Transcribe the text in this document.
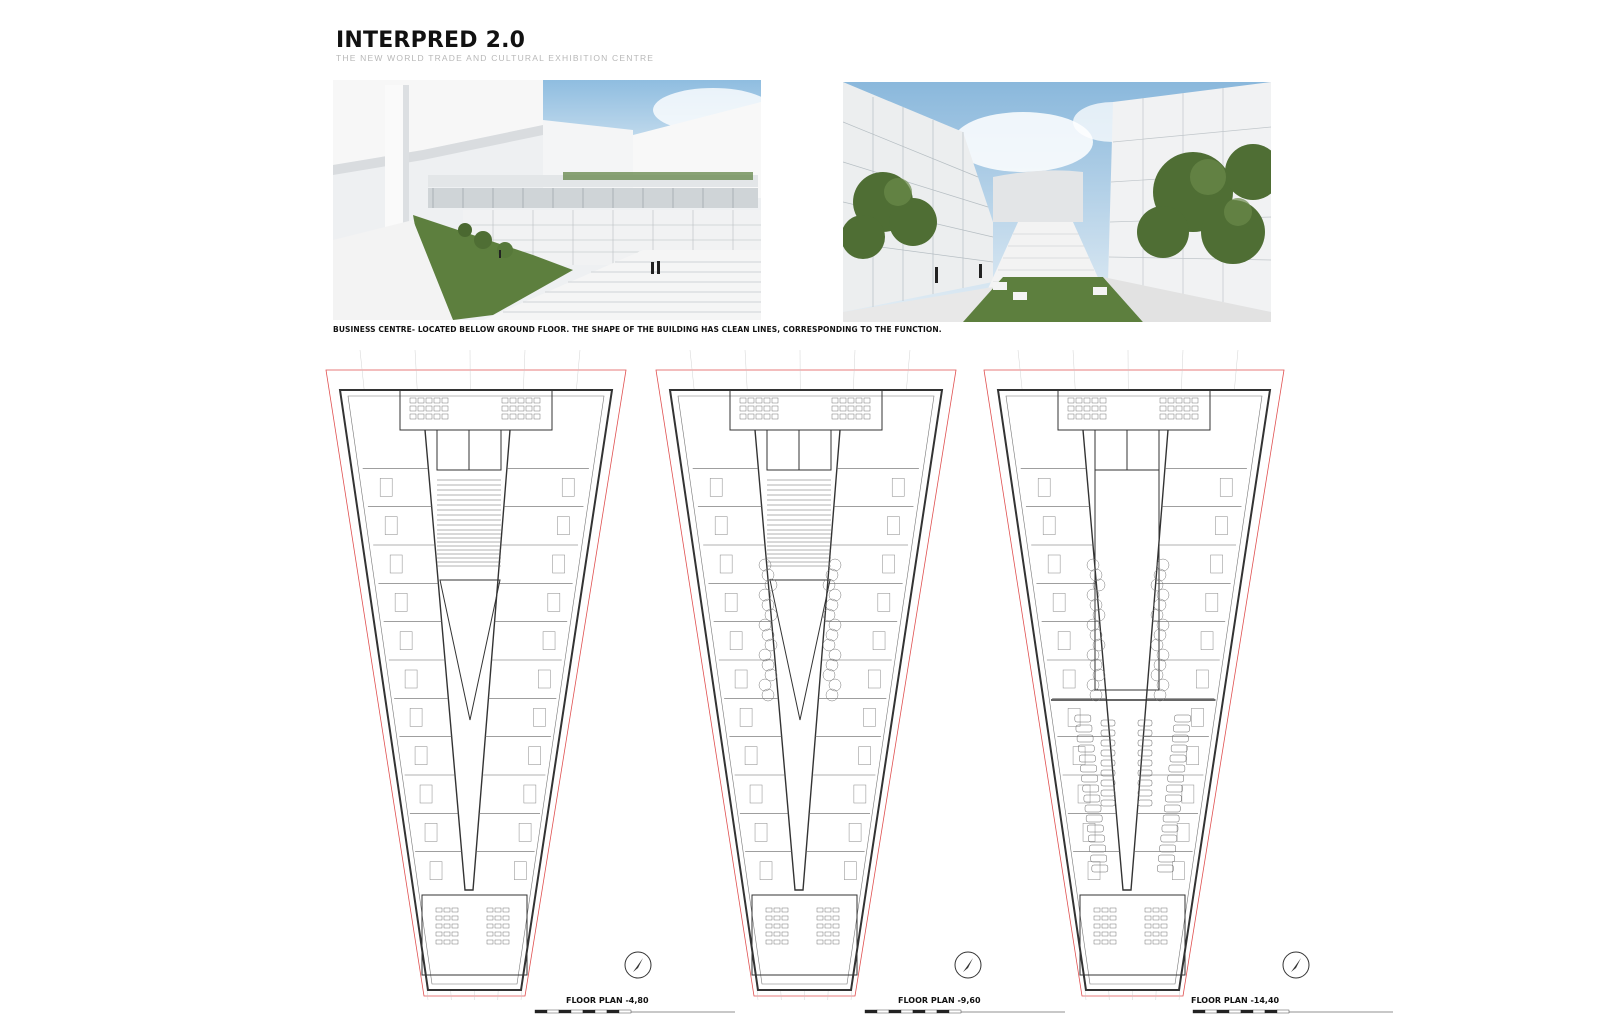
INTERPRED 2.0
THE NEW WORLD TRADE AND CULTURAL EXHIBITION CENTRE
BUSINESS CENTRE- LOCATED BELLOW GROUND FLOOR. THE SHAPE OF THE BUILDING HAS CLEAN LINES, CORRESPONDING TO THE FUNCTION.
FLOOR PLAN -4,80	FLOOR PLAN -9,60	FLOOR PLAN -14,40
